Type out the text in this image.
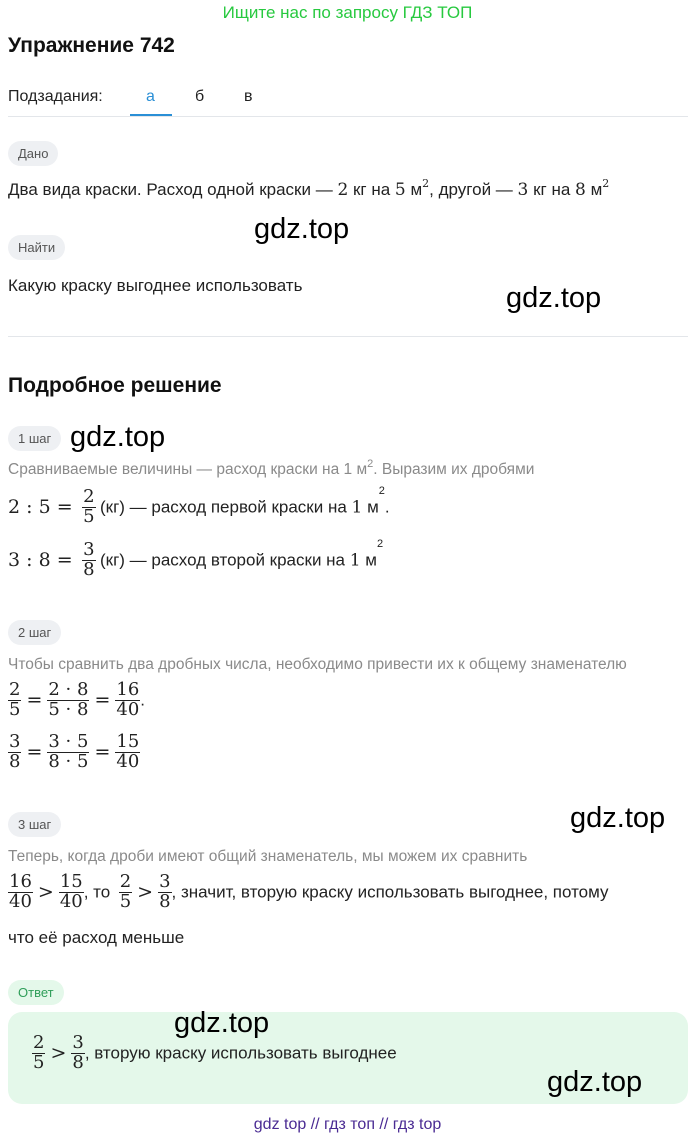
Ищите нас по запросу ГДЗ ТОП
Упражнение 742
Подзадания:	а	б в
Дано
Два вида краски. Расход одной краски — 2 кг на 5 $м^2$, другой — 3 кг на 8 $м^2$
Найти
Какую краску выгоднее использовать
Подробное решение
1 шаг
Сравниваемые величины — расход краски на 1 $м^2$. Выразим их дробями
2 : $5 = \frac{2}{5} (кг)$ — расход первой краски на 1 $м^2$.
3 : $8 = \frac{3}{8} (кг)$ — расход второй краски на 1 $м^2$
2 шаг
Чтобы сравнить два дробных числа, необходимо привести их к общему знаменателю
$\frac{2}{5} = \frac{2 \cdot 8}{5 \cdot 8} = \frac{16}{40}$ .
$\frac{3}{8} = \frac{3 \cdot 5}{8 \cdot 5} = \frac{15}{40}$
3 шаг
Теперь, когда дроби имеют общий знаменатель, мы можем их сравнить
$\frac{16}{40} > \frac{15}{40}$ , то $\frac{2}{5} > \frac{3}{8}$ , значит, вторую краску использовать выгоднее, потому
что её расход меньше
Ответ
$\frac{2}{5} > \frac{3}{8}$ , вторую краску использовать выгоднее
gdz.top
gdz.top
gdz.top
gdz.top
gdz.top
gdz.top
gdz top // гдз топ // гдз top
